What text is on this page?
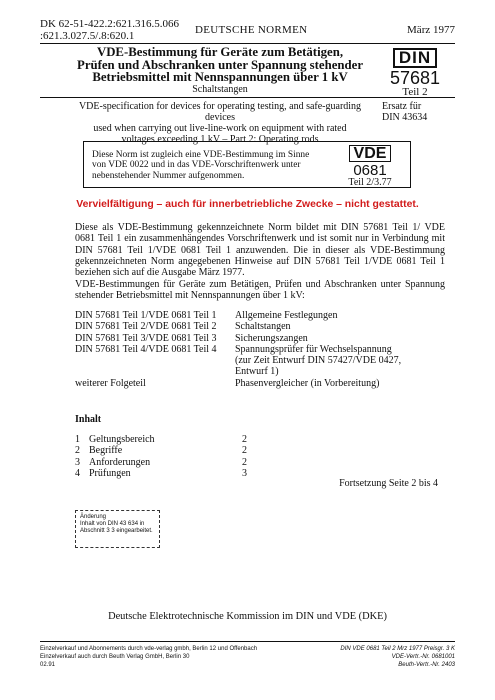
DK 62-51-422.2:621.316.5.066
:621.3.027.5/.8:620.1	DEUTSCHE NORMEN	März 1977
VDE-Bestimmung für Geräte zum Betätigen,
Prüfen und Abschranken unter Spannung stehender
Betriebsmittel mit Nennspannungen über 1 kV
Schaltstangen
DIN
57681
Teil 2
VDE-specification for devices for operating testing, and safe-guarding devices
used when carrying out live-line-work on equipment with rated
voltages exceeding 1 kV – Part 2: Operating rods
Ersatz für
DIN 43634
Diese Norm ist zugleich eine VDE-Bestimmung im Sinne
von VDE 0022 und in das VDE-Vorschriftenwerk unter
nebenstehender Nummer aufgenommen.
VDE
0681
Teil 2/3.77
Vervielfältigung – auch für innerbetriebliche Zwecke – nicht gestattet.
Diese als VDE-Bestimmung gekennzeichnete Norm bildet mit DIN 57681 Teil 1/ VDE 0681 Teil 1 ein zusammenhängendes Vorschriftenwerk und ist somit nur in Verbindung mit DIN 57681 Teil 1/VDE 0681 Teil 1 anzuwenden. Die in dieser als VDE-Bestimmung gekennzeichneten Norm angegebenen Hinweise auf DIN 57681 Teil 1/VDE 0681 Teil 1 beziehen sich auf die Ausgabe März 1977.
VDE-Bestimmungen für Geräte zum Betätigen, Prüfen und Abschranken unter Spannung stehender Betriebsmittel mit Nennspannungen über 1 kV:
DIN 57681 Teil 1/VDE 0681 Teil 1 Allgemeine Festlegungen
DIN 57681 Teil 2/VDE 0681 Teil 2 Schaltstangen
DIN 57681 Teil 3/VDE 0681 Teil 3 Sicherungszangen
DIN 57681 Teil 4/VDE 0681 Teil 4 Spannungsprüfer für Wechselspannung
(zur Zeit Entwurf DIN 57427/VDE 0427,
Entwurf 1)
weiterer Folgeteil	Phasenvergleicher (in Vorbereitung)
Inhalt
1 Geltungsbereich	2
2 Begriffe	2
3 Anforderungen	2
4 Prüfungen	3
Fortsetzung Seite 2 bis 4
Änderung
Inhalt von DIN 43 634 in
Abschnitt 3 3 eingearbeitet.
Deutsche Elektrotechnische Kommission im DIN und VDE (DKE)
Einzelverkauf und Abonnements durch vde-verlag gmbh, Berlin 12 und Offenbach
Einzelverkauf auch durch Beuth Verlag GmbH, Berlin 30
02.91
DIN VDE 0681 Teil 2 Mrz 1977 Preisgr. 3 K
VDE-Vertr.-Nr. 0681001
Beuth-Vertr.-Nr. 2403
